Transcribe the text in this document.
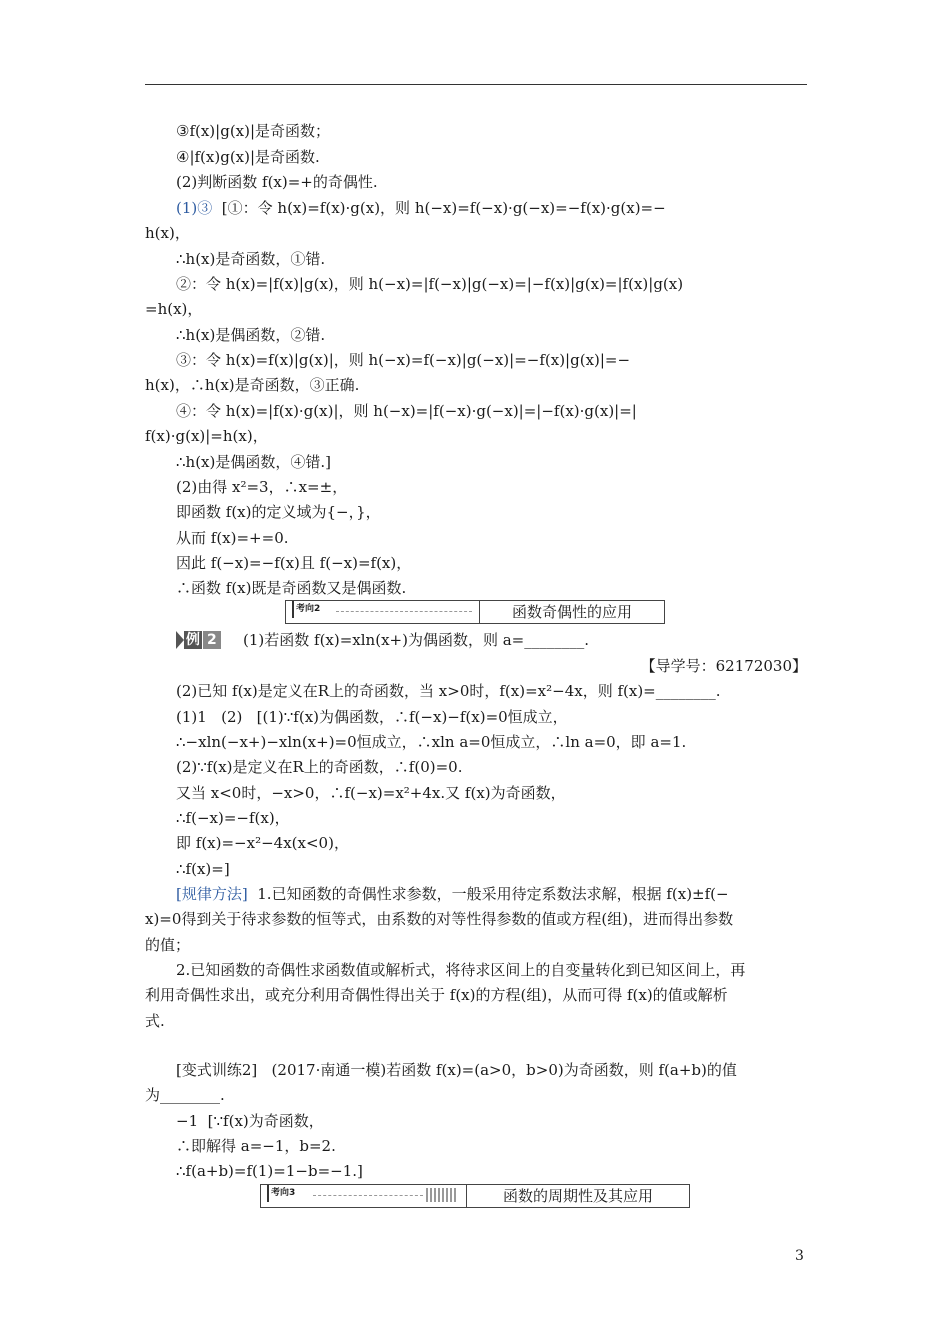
③f(x)|g(x)|是奇函数；
④|f(x)g(x)|是奇函数.
(2)判断函数 f(x)=+的奇偶性.
(1)③  [①：令 h(x)=f(x)·g(x)，则 h(−x)=f(−x)·g(−x)=−f(x)·g(x)=−
h(x)，
∴h(x)是奇函数，①错.
②：令 h(x)=|f(x)|g(x)，则 h(−x)=|f(−x)|g(−x)=|−f(x)|g(x)=|f(x)|g(x)
=h(x)，
∴h(x)是偶函数，②错.
③：令 h(x)=f(x)|g(x)|，则 h(−x)=f(−x)|g(−x)|=−f(x)|g(x)|=−
h(x)，∴h(x)是奇函数，③正确.
④：令 h(x)=|f(x)·g(x)|，则 h(−x)=|f(−x)·g(−x)|=|−f(x)·g(x)|=|
f(x)·g(x)|=h(x)，
∴h(x)是偶函数，④错.]
(2)由得 x²=3，∴x=±，
即函数 f(x)的定义域为{−，}，
从而 f(x)=+=0.
因此 f(−x)=−f(x)且 f(−x)=f(x)，
∴函数 f(x)既是奇函数又是偶函数.
考向2	函数奇偶性的应用
例 2 (1)若函数 f(x)=xln(x+)为偶函数，则 a=________.
【导学号：62172030】
(2)已知 f(x)是定义在R上的奇函数，当 x>0时，f(x)=x²−4x，则 f(x)=________.
(1)1   (2)   [(1)∵f(x)为偶函数，∴f(−x)−f(x)=0恒成立，
∴−xln(−x+)−xln(x+)=0恒成立，∴xln a=0恒成立，∴ln a=0，即 a=1.
(2)∵f(x)是定义在R上的奇函数，∴f(0)=0.
又当 x<0时，−x>0，∴f(−x)=x²+4x.又 f(x)为奇函数，
∴f(−x)=−f(x)，
即 f(x)=−x²−4x(x<0)，
∴f(x)=]
[规律方法]  1.已知函数的奇偶性求参数，一般采用待定系数法求解，根据 f(x)±f(−
x)=0得到关于待求参数的恒等式，由系数的对等性得参数的值或方程(组)，进而得出参数
的值；
2.已知函数的奇偶性求函数值或解析式，将待求区间上的自变量转化到已知区间上，再
利用奇偶性求出，或充分利用奇偶性得出关于 f(x)的方程(组)，从而可得 f(x)的值或解析
式.
[变式训练2]   (2017·南通一模)若函数 f(x)=(a>0，b>0)为奇函数，则 f(a+b)的值
为________.
−1  [∵f(x)为奇函数，
∴即解得 a=−1，b=2.
∴f(a+b)=f(1)=1−b=−1.]
考向3	函数的周期性及其应用
3
